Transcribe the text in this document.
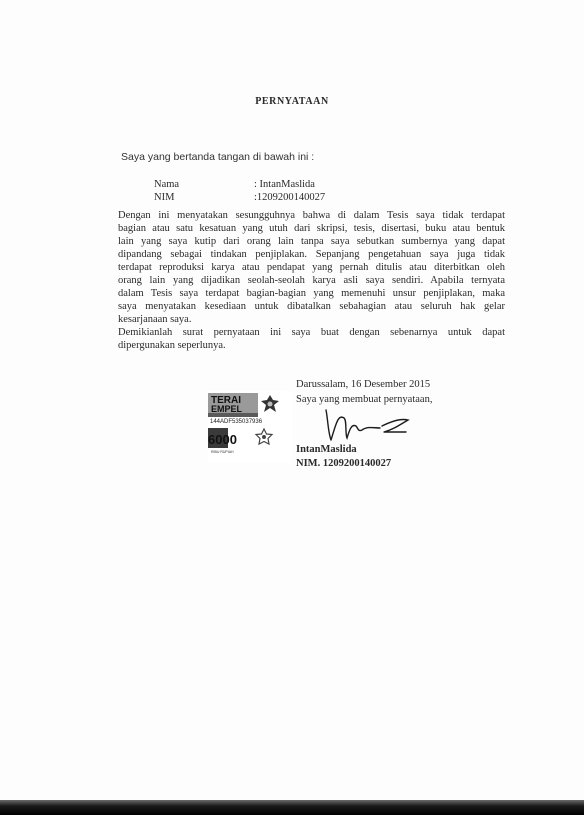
PERNYATAAN
Saya yang bertanda tangan di bawah ini :
Nama	: IntanMaslida
NIM	:1209200140027
Dengan ini menyatakan sesungguhnya bahwa di dalam Tesis saya tidak terdapat
bagian atau satu kesatuan yang utuh dari skripsi, tesis, disertasi, buku atau bentuk
lain yang saya kutip dari orang lain tanpa saya sebutkan sumbernya yang dapat
dipandang sebagai tindakan penjiplakan. Sepanjang pengetahuan saya juga tidak
terdapat reproduksi karya atau pendapat yang pernah ditulis atau diterbitkan oleh
orang lain yang dijadikan seolah-seolah karya asli saya sendiri. Apabila ternyata
dalam Tesis saya terdapat bagian-bagian yang memenuhi unsur penjiplakan, maka
saya menyatakan kesediaan untuk dibatalkan sebahagian atau seluruh hak gelar
kesarjanaan saya.
Demikianlah surat pernyataan ini saya buat dengan sebenarnya untuk dapat
dipergunakan seperlunya.
Darussalam, 16 Desember 2015
Saya yang membuat pernyataan,
TERAI
EMPEL
144ADF535037936
6000
RIBU RUPIAH	IntanMaslida
NIM. 1209200140027
